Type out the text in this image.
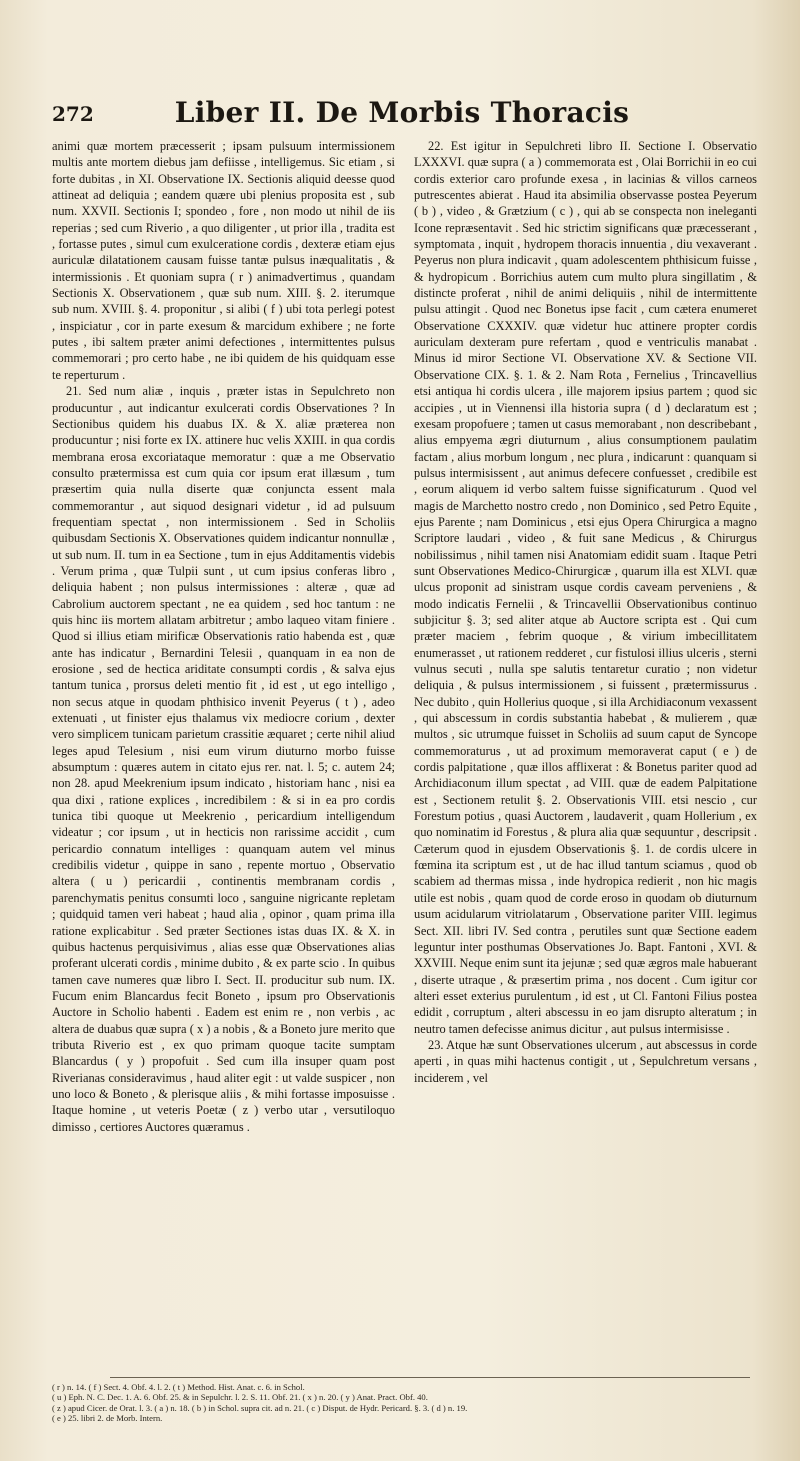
272	Liber II. De Morbis Thoracis

animi quæ mortem præcesserit ; ipsam pulsuum intermissionem multis ante mortem diebus jam defiisse , intelligemus. Sic etiam , si forte dubitas , in XI. Observatione IX. Sectionis aliquid deesse quod attineat ad deliquia ; eandem quære ubi plenius proposita est , sub num. XXVII. Sectionis I; spondeo , fore , non modo ut nihil de iis reperias ; sed cum Riverio , a quo diligenter , ut prior illa , tradita est , fortasse putes , simul cum exulceratione cordis , dexteræ etiam ejus auriculæ dilatationem causam fuisse tantæ pulsus inæqualitatis , & intermissionis . Et quoniam supra ( r ) animadvertimus , quandam Sectionis X. Observationem , quæ sub num. XIII. §. 2. iterumque sub num. XVIII. §. 4. proponitur , si alibi ( f ) ubi tota perlegi potest , inspiciatur , cor in parte exesum & marcidum exhibere ; ne forte putes , ibi saltem præter animi defectiones , intermittentes pulsus commemorari ; pro certo habe , ne ibi quidem de his quidquam esse te reperturum .

21. Sed num aliæ , inquis , præter istas in Sepulchreto non producuntur , aut indicantur exulcerati cordis Observationes ? In Sectionibus quidem his duabus IX. & X. aliæ præterea non producuntur ; nisi forte ex IX. attinere huc velis XXIII. in qua cordis membrana erosa excoriataque memoratur : quæ a me Observatio consulto prætermissa est cum quia cor ipsum erat illæsum , tum præsertim quia nulla diserte quæ conjuncta essent mala commemorantur , aut siquod designari videtur , id ad pulsuum frequentiam spectat , non intermissionem . Sed in Scholiis quibusdam Sectionis X. Observationes quidem indicantur nonnullæ , ut sub num. II. tum in ea Sectione , tum in ejus Additamentis videbis . Verum prima , quæ Tulpii sunt , ut cum ipsius conferas libro , deliquia habent ; non pulsus intermissiones : alteræ , quæ ad Cabrolium auctorem spectant , ne ea quidem , sed hoc tantum : ne quis hinc iis mortem allatam arbitretur ; ambo laqueo vitam finiere . Quod si illius etiam mirificæ Observationis ratio habenda est , quæ ante has indicatur , Bernardini Telesii , quanquam in ea non de erosione , sed de hectica ariditate consumpti cordis , & salva ejus tantum tunica , prorsus deleti mentio fit , id est , ut ego intelligo , non secus atque in quodam phthisico invenit Peyerus ( t ) , adeo extenuati , ut finister ejus thalamus vix mediocre corium , dexter vero simplicem tunicam parietum crassitie æquaret ; certe nihil aliud leges apud Telesium , nisi eum virum diuturno morbo fuisse absumptum : quæres autem in citato ejus rer. nat. l. 5; c. autem 24; non 28. apud Meekrenium ipsum indicato , historiam hanc , nisi ea qua dixi , ratione explices , incredibilem : & si in ea pro cordis tunica tibi quoque ut Meekrenio , pericardium intelligendum videatur ; cor ipsum , ut in hecticis non rarissime accidit , cum pericardio connatum intelliges : quanquam autem vel minus credibilis videtur , quippe in sano , repente mortuo , Observatio altera ( u ) pericardii , continentis membranam cordis , parenchymatis penitus consumti loco , sanguine nigricante repletam ; quidquid tamen veri habeat ; haud alia , opinor , quam prima illa ratione explicabitur . Sed præter Sectiones istas duas IX. & X. in quibus hactenus perquisivimus , alias esse quæ Observationes alias proferant ulcerati cordis , minime dubito , & ex parte scio . In quibus tamen cave numeres quæ libro I. Sect. II. producitur sub num. IX. Fucum enim Blancardus fecit Boneto , ipsum pro Observationis Auctore in Scholio habenti . Eadem est enim re , non verbis , ac altera de duabus quæ supra ( x ) a nobis , & a Boneto jure merito que tributa Riverio est , ex quo primam quoque tacite sumptam Blancardus ( y ) propofuit . Sed cum illa insuper quam post Riverianas consideravimus , haud aliter egit : ut valde suspicer , non uno loco & Boneto , & plerisque aliis , & mihi fortasse imposuisse . Itaque homine , ut veteris Poetæ ( z ) verbo utar , versutiloquo dimisso , certiores Auctores quæramus .

22. Est igitur in Sepulchreti libro II. Sectione I. Observatio LXXXVI. quæ supra ( a ) commemorata est , Olai Borrichii in eo cui cordis exterior caro profunde exesa , in lacinias & villos carneos putrescentes abierat . Haud ita absimilia observasse postea Peyerum ( b ) , video , & Grætzium ( c ) , qui ab se conspecta non ineleganti Icone repræsentavit . Sed hic strictim significans quæ præcesserant , symptomata , inquit , hydropem thoracis innuentia , diu vexaverant . Peyerus non plura indicavit , quam adolescentem phthisicum fuisse , & hydropicum . Borrichius autem cum multo plura singillatim , & distincte proferat , nihil de animi deliquiis , nihil de intermittente pulsu attingit . Quod nec Bonetus ipse facit , cum cætera enumeret Observatione CXXXIV. quæ videtur huc attinere propter cordis auriculam dexteram pure refertam , quod e ventriculis manabat . Minus id miror Sectione VI. Observatione XV. & Sectione VII. Observatione CIX. §. 1. & 2. Nam Rota , Fernelius , Trincavellius etsi antiqua hi cordis ulcera , ille majorem ipsius partem ; quod sic accipies , ut in Viennensi illa historia supra ( d ) declaratum est ; exesam propofuere ; tamen ut casus memorabant , non describebant , alius empyema ægri diuturnum , alius consumptionem paulatim factam , alius morbum longum , nec plura , indicarunt : quanquam si pulsus intermisissent , aut animus defecere confuesset , credibile est , eorum aliquem id verbo saltem fuisse significaturum . Quod vel magis de Marchetto nostro credo , non Dominico , sed Petro Equite , ejus Parente ; nam Dominicus , etsi ejus Opera Chirurgica a magno Scriptore laudari , video , & fuit sane Medicus , & Chirurgus nobilissimus , nihil tamen nisi Anatomiam edidit suam . Itaque Petri sunt Observationes Medico-Chirurgicæ , quarum illa est XLVI. quæ ulcus proponit ad sinistram usque cordis caveam perveniens , & modo indicatis Fernelii , & Trincavellii Observationibus continuo subjicitur §. 3; sed aliter atque ab Auctore scripta est . Qui cum præter maciem , febrim quoque , & virium imbecillitatem enumerasset , ut rationem redderet , cur fistulosi illius ulceris , sterni vulnus secuti , nulla spe salutis tentaretur curatio ; non videtur deliquia , & pulsus intermissionem , si fuissent , prætermissurus . Nec dubito , quin Hollerius quoque , si illa Archidiaconum vexassent , qui abscessum in cordis substantia habebat , & mulierem , quæ multos , sic utrumque fuisset in Scholiis ad suum caput de Syncope commemoraturus , ut ad proximum memoraverat caput ( e ) de cordis palpitatione , quæ illos afflixerat : & Bonetus pariter quod ad Archidiaconum illum spectat , ad VIII. quæ de eadem Palpitatione est , Sectionem retulit §. 2. Observationis VIII. etsi nescio , cur Forestum potius , quasi Auctorem , laudaverit , quam Hollerium , ex quo nominatim id Forestus , & plura alia quæ sequuntur , descripsit . Cæterum quod in ejusdem Observationis §. 1. de cordis ulcere in fœmina ita scriptum est , ut de hac illud tantum sciamus , quod ob scabiem ad thermas missa , inde hydropica redierit , non hic magis utile est nobis , quam quod de corde eroso in quodam ob diuturnum usum acidularum vitriolatarum , Observatione pariter VIII. legimus Sect. XII. libri IV. Sed contra , perutiles sunt quæ Sectione eadem leguntur inter posthumas Observationes Jo. Bapt. Fantoni , XVI. & XXVIII. Neque enim sunt ita jejunæ ; sed quæ ægros male habuerant , diserte utraque , & præsertim prima , nos docent . Cum igitur cor alteri esset exterius purulentum , id est , ut Cl. Fantoni Filius postea edidit , corruptum , alteri abscessu in eo jam disrupto alteratum ; in neutro tamen defecisse animus dicitur , aut pulsus intermisisse .

23. Atque hæ sunt Observationes ulcerum , aut abscessus in corde aperti , in quas mihi hactenus contigit , ut , Sepulchretum versans , inciderem , vel

( r ) n. 14. ( f ) Sect. 4. Obf. 4. l. 2. ( t ) Method. Hist. Anat. c. 6. in Schol.
( u ) Eph. N. C. Dec. 1. A. 6. Obf. 25. & in Sepulchr. l. 2. S. 11. Obf. 21. ( x ) n. 20. ( y ) Anat. Pract. Obf. 40.
( z ) apud Cicer. de Orat. l. 3. ( a ) n. 18. ( b ) in Schol. supra cit. ad n. 21. ( c ) Disput. de Hydr. Pericard. §. 3. ( d ) n. 19.
( e ) 25. libri 2. de Morb. Intern.
